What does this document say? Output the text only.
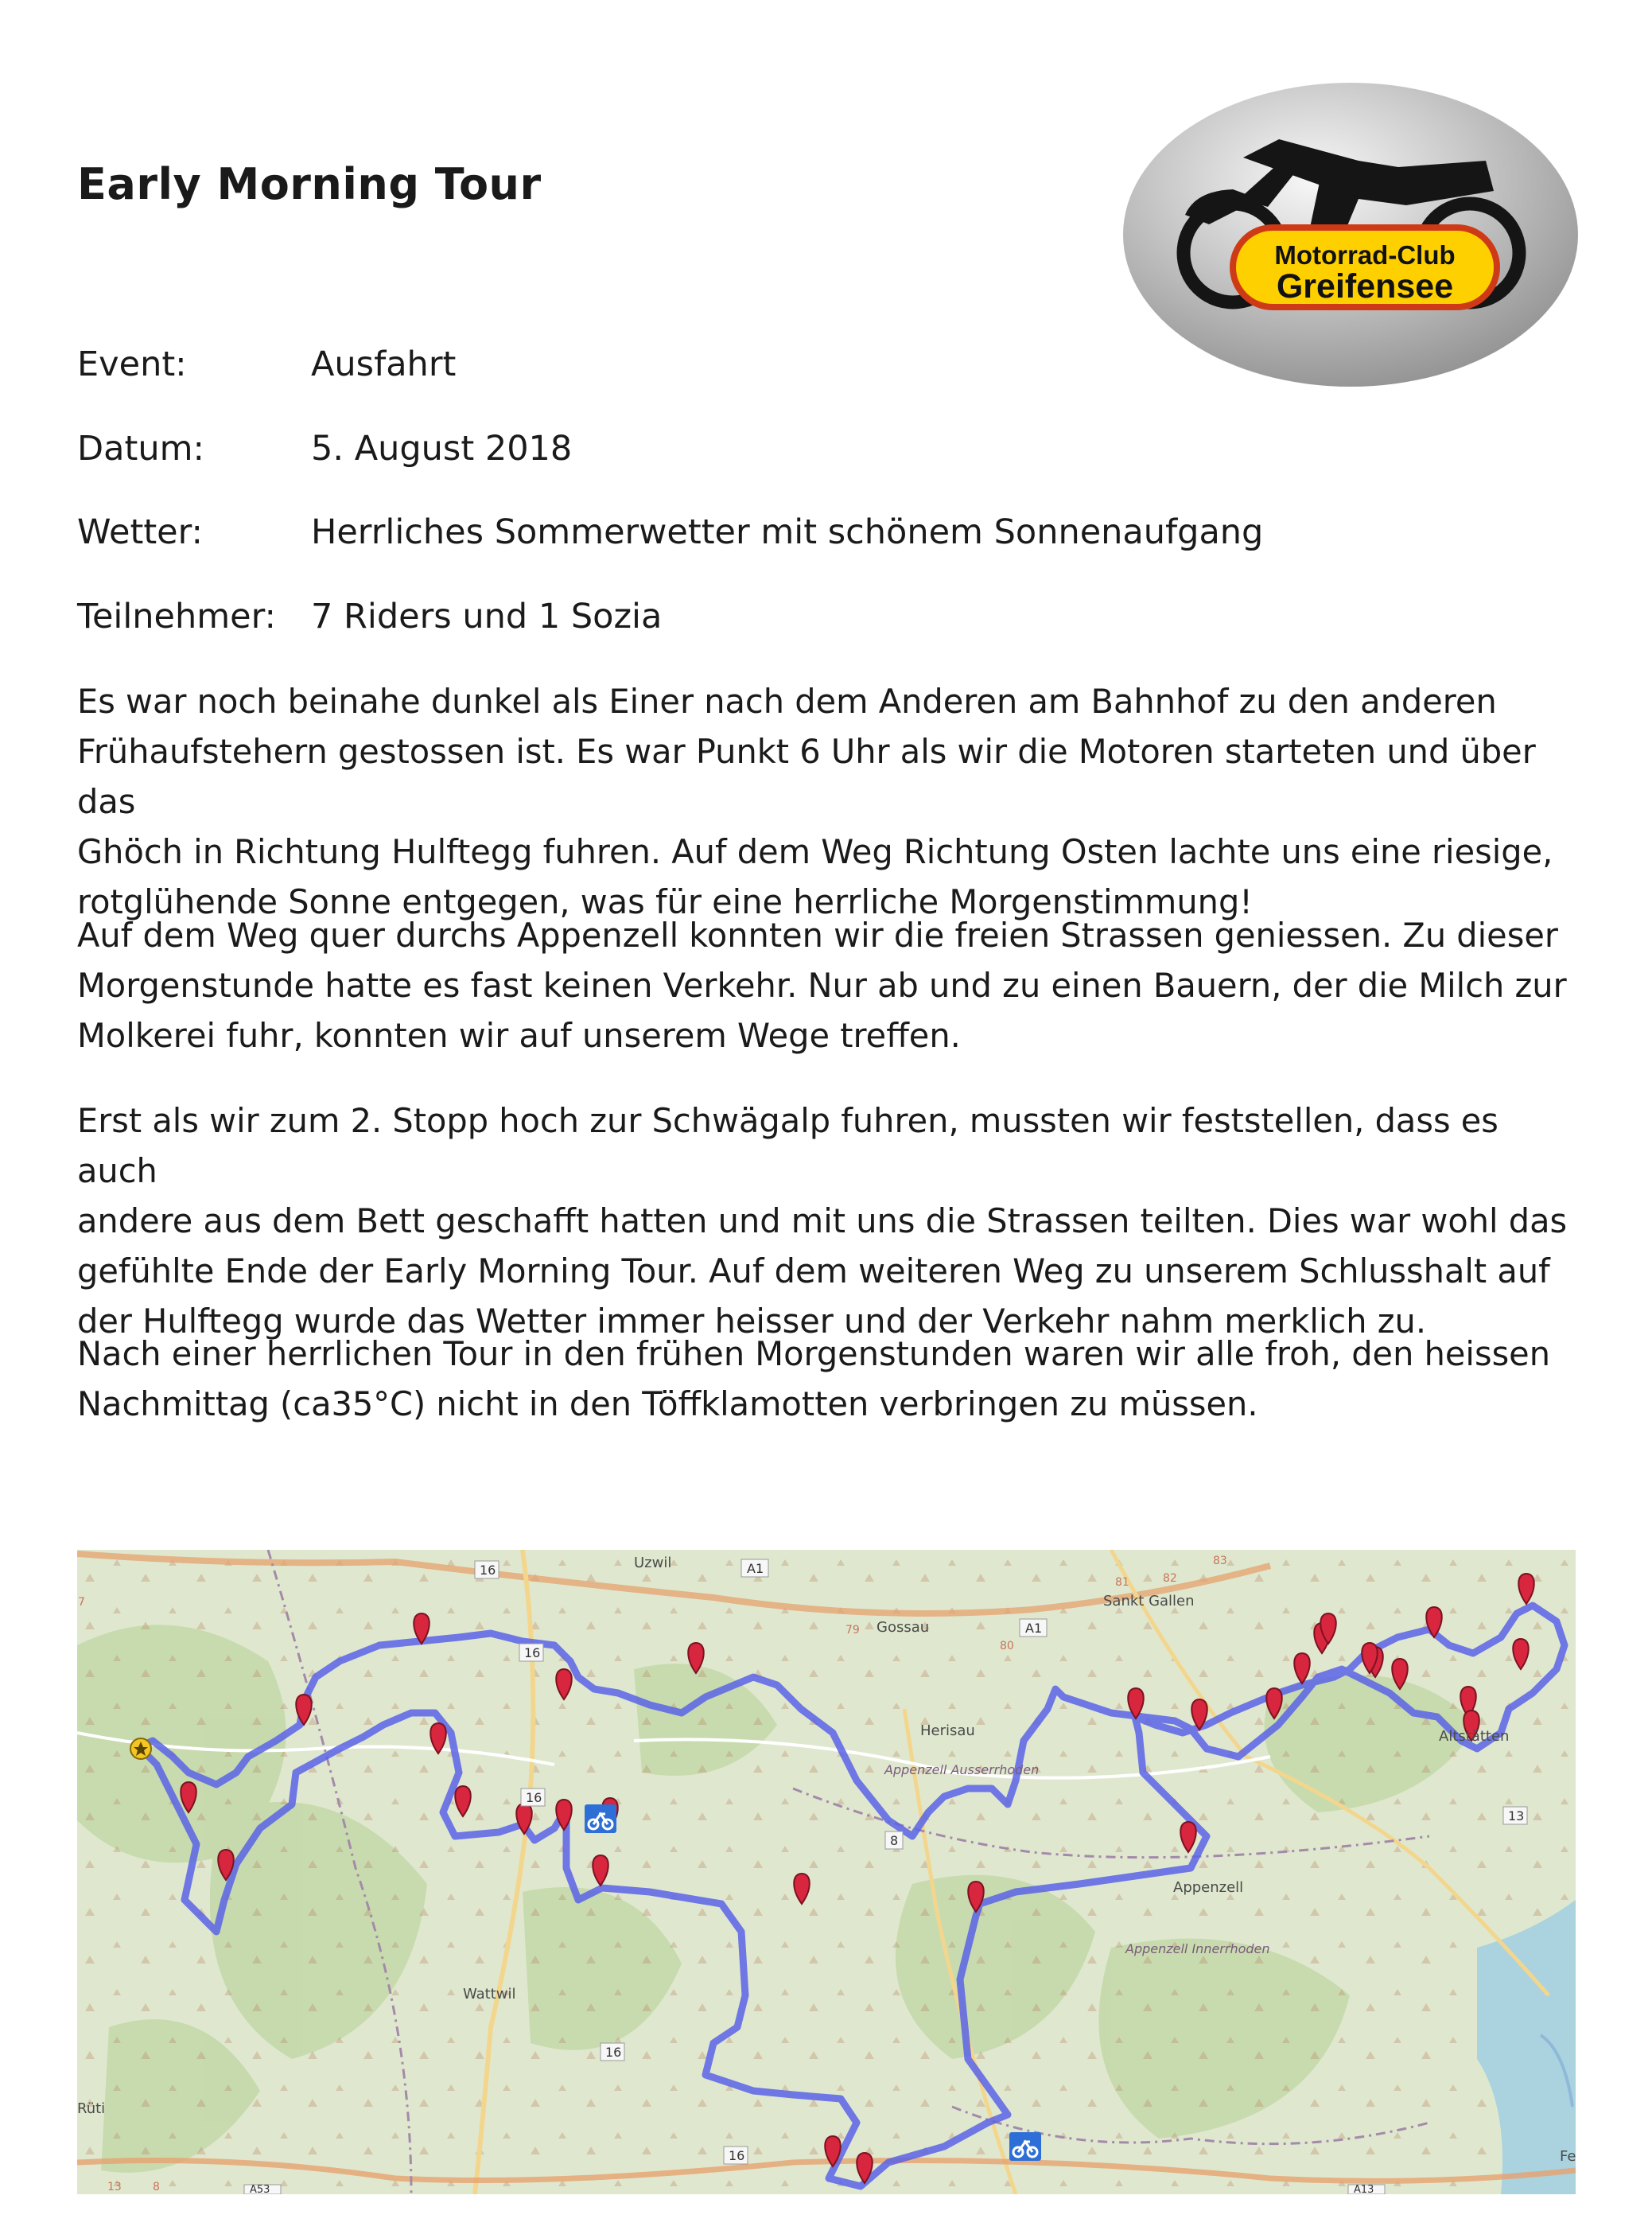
Early Morning Tour
Motorrad-Club
Greifensee
Event:	Ausfahrt
Datum:	5. August 2018
Wetter:	Herrliches Sommerwetter mit schönem Sonnenaufgang
Teilnehmer: 7 Riders und 1 Sozia

Es war noch beinahe dunkel als Einer nach dem Anderen am Bahnhof zu den anderen
Frühaufstehern gestossen ist. Es war Punkt 6 Uhr als wir die Motoren starteten und über das
Ghöch in Richtung Hulftegg fuhren. Auf dem Weg Richtung Osten lachte uns eine riesige,
rotglühende Sonne entgegen, was für eine herrliche Morgenstimmung!

Auf dem Weg quer durchs Appenzell konnten wir die freien Strassen geniessen. Zu dieser
Morgenstunde hatte es fast keinen Verkehr. Nur ab und zu einen Bauern, der die Milch zur
Molkerei fuhr, konnten wir auf unserem Wege treffen.

Erst als wir zum 2. Stopp hoch zur Schwägalp fuhren, mussten wir feststellen, dass es auch
andere aus dem Bett geschafft hatten und mit uns die Strassen teilten. Dies war wohl das
gefühlte Ende der Early Morning Tour. Auf dem weiteren Weg zu unserem Schlusshalt auf
der Hulftegg wurde das Wetter immer heisser und der Verkehr nahm merklich zu.

Nach einer herrlichen Tour in den frühen Morgenstunden waren wir alle froh, den heissen
Nachmittag (ca35°C) nicht in den Töffklamotten verbringen zu müssen.

Uzwil
Gossau
Sankt Gallen
Herisau
Appenzell Ausserrhoden
Appenzell
Appenzell Innerrhoden
Altstätten
Wattwil
Rüti
Fe
A1
A1
16
16
16
16
16
8
13
A53	A13
79
80
81	82
83
7
8
13
